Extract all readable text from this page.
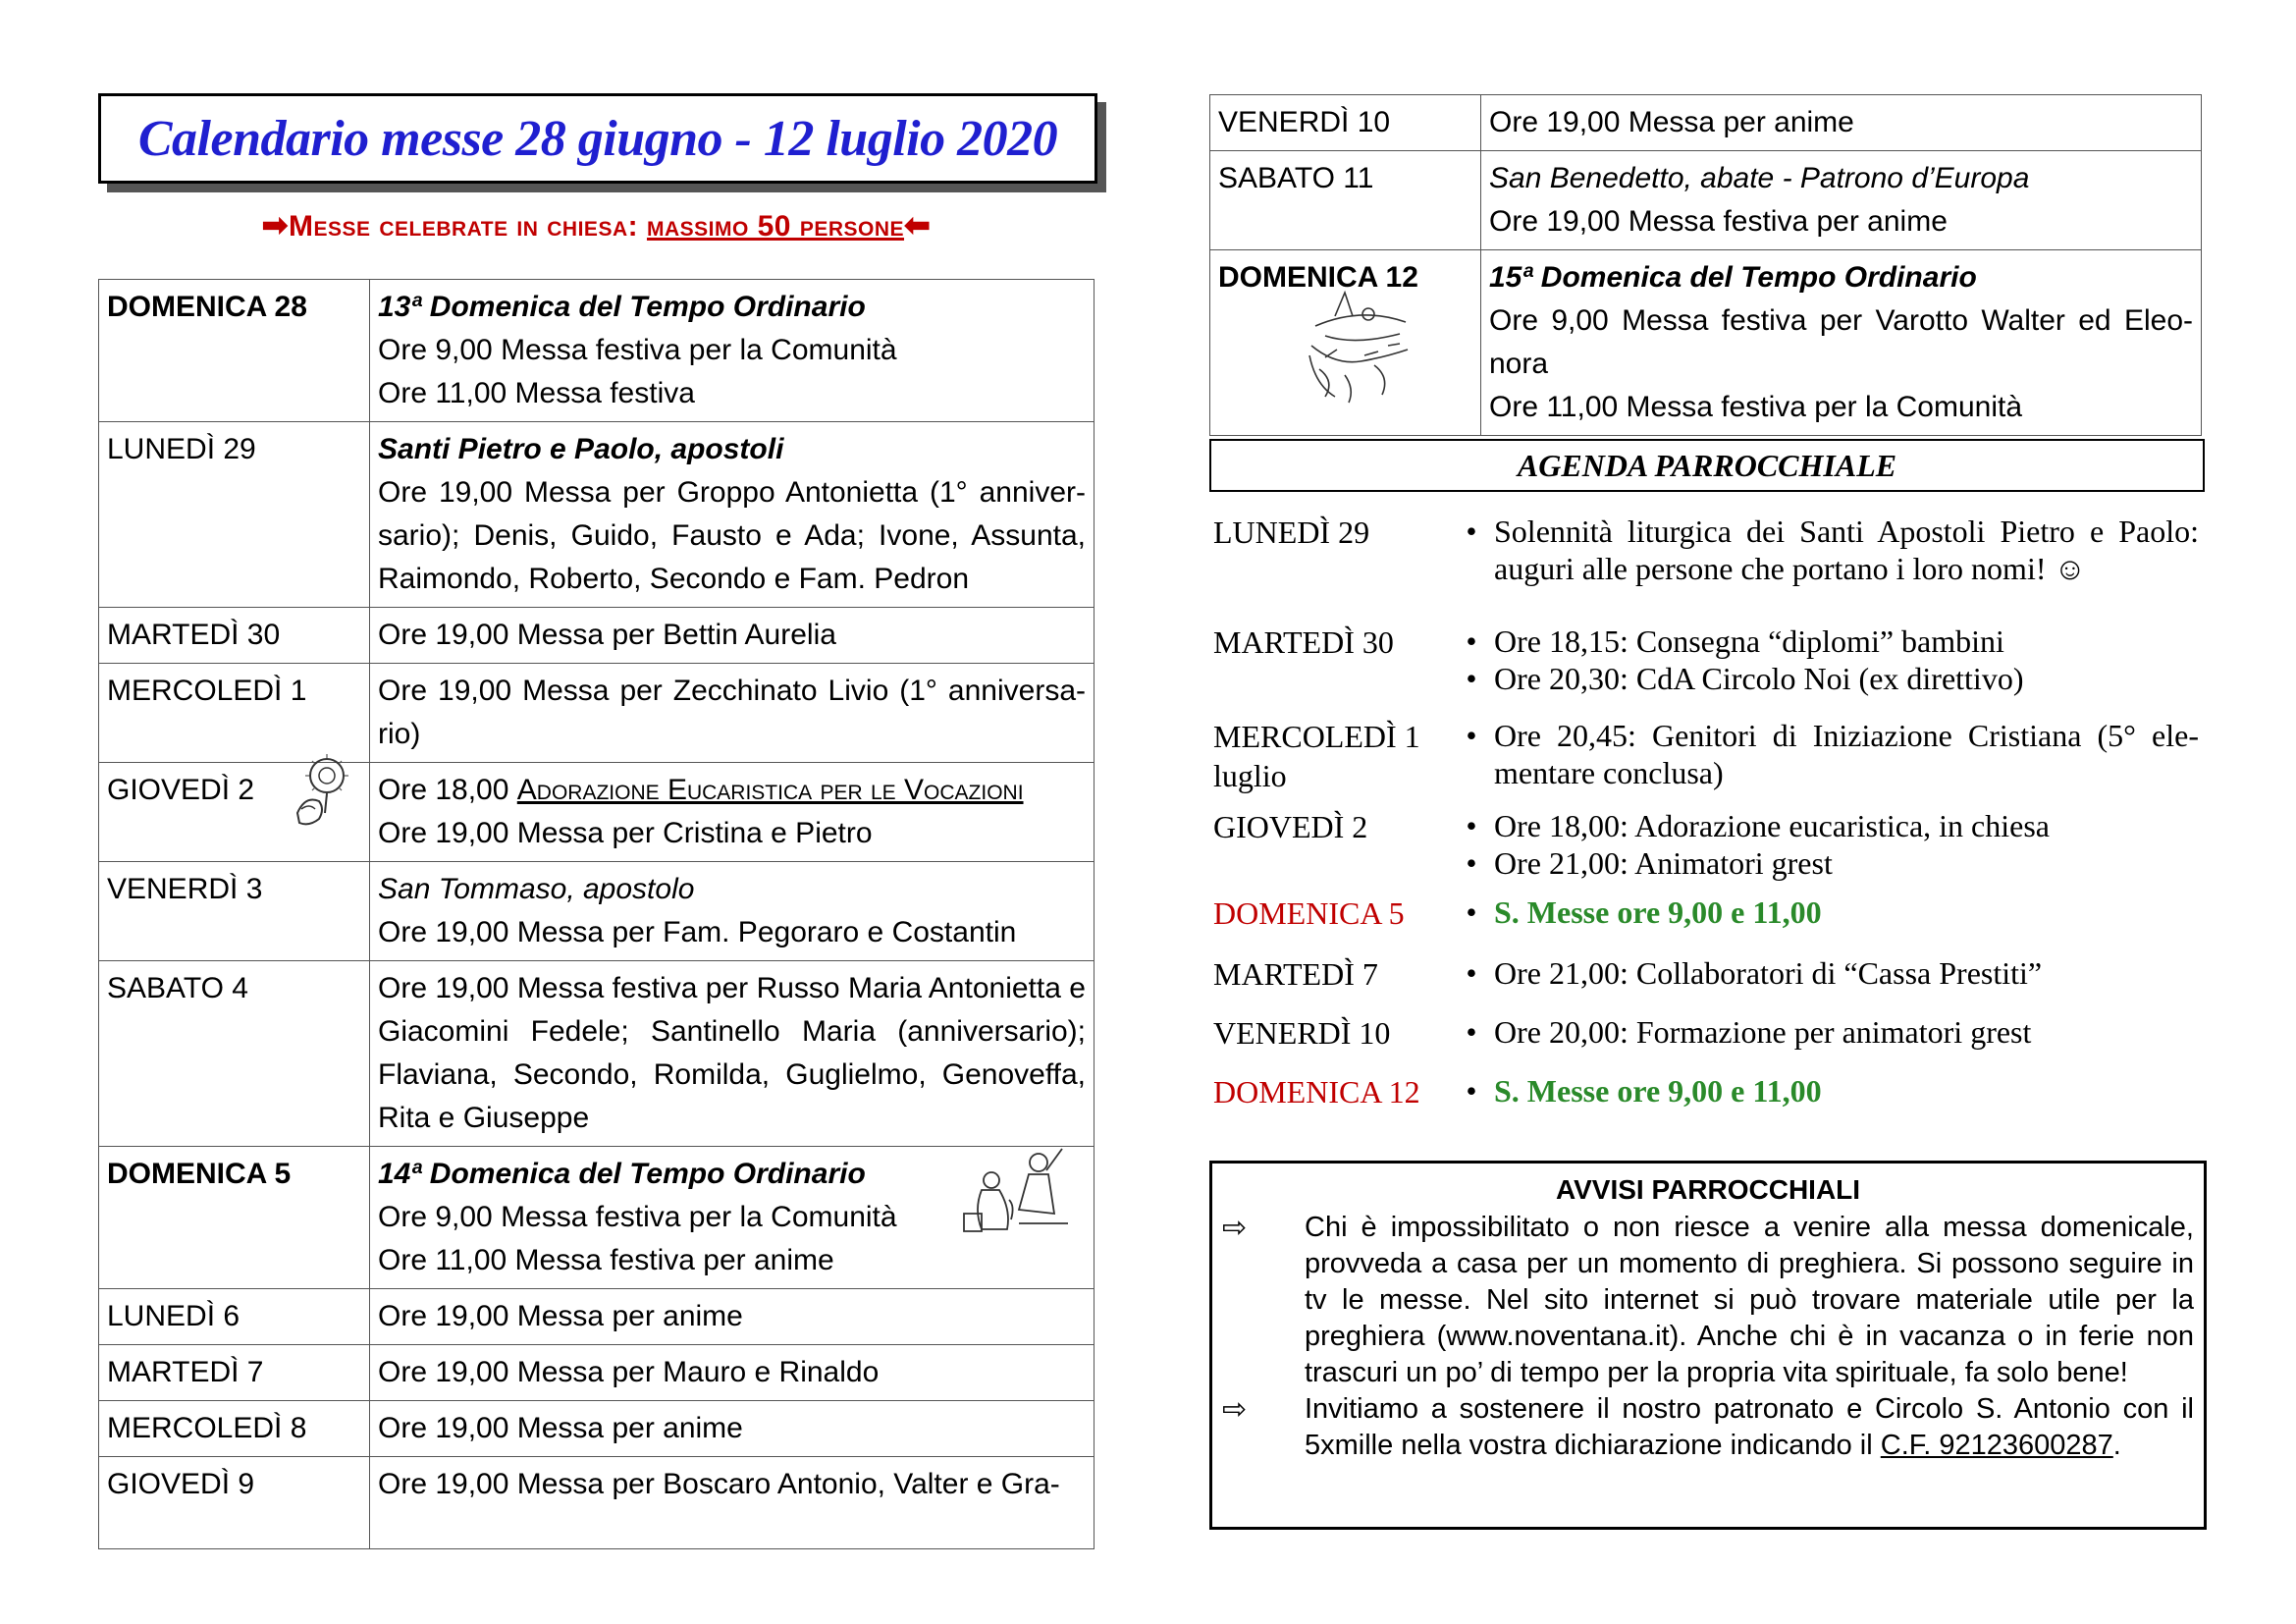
Calendario messe 28 giugno - 12 luglio 2020
➡Messe celebrate in chiesa: massimo 50 persone⬅
DOMENICA 28	13ª Domenica del Tempo Ordinario
Ore 9,00 Messa festiva per la Comunità
Ore 11,00 Messa festiva

LUNEDÌ 29	Santi Pietro e Paolo, apostoli
Ore 19,00 Messa per Groppo Antonietta (1° anniver-sario); Denis, Guido, Fausto e Ada; Ivone, Assunta, Raimondo, Roberto, Secondo e Fam. Pedron

MARTEDÌ 30	Ore 19,00 Messa per Bettin Aurelia

MERCOLEDÌ 1	Ore 19,00 Messa per Zecchinato Livio (1° anniversa-rio)

GIOVEDÌ 2	Ore 18,00 Adorazione Eucaristica per le Vocazioni
Ore 19,00 Messa per Cristina e Pietro

VENERDÌ 3	San Tommaso, apostolo
Ore 19,00 Messa per Fam. Pegoraro e Costantin

SABATO 4	Ore 19,00 Messa festiva per Russo Maria Antonietta e Giacomini Fedele; Santinello Maria (anniversario); Flaviana, Secondo, Romilda, Guglielmo, Genoveffa, Rita e Giuseppe

DOMENICA 5	14ª Domenica del Tempo Ordinario
Ore 9,00 Messa festiva per la Comunità
Ore 11,00 Messa festiva per anime

LUNEDÌ 6	Ore 19,00 Messa per anime

MARTEDÌ 7	Ore 19,00 Messa per Mauro e Rinaldo

MERCOLEDÌ 8	Ore 19,00 Messa per anime

GIOVEDÌ 9	Ore 19,00 Messa per Boscaro Antonio, Valter e Gra-
VENERDÌ 10	Ore 19,00 Messa per anime

SABATO 11	San Benedetto, abate - Patrono d’Europa
Ore 19,00 Messa festiva per anime

DOMENICA 12	15ª Domenica del Tempo Ordinario
Ore 9,00 Messa festiva per Varotto Walter ed Eleo-nora
Ore 11,00 Messa festiva per la Comunità
AGENDA PARROCCHIALE
LUNEDÌ 29	• Solennità liturgica dei Santi Apostoli Pietro e Paolo: auguri alle persone che portano i loro nomi! ☺
MARTEDÌ 30	• Ore 18,15: Consegna “diplomi” bambini
• Ore 20,30: CdA Circolo Noi (ex direttivo)
MERCOLEDÌ 1 luglio
• Ore 20,45: Genitori di Iniziazione Cristiana (5° ele-mentare conclusa)
GIOVEDÌ 2	• Ore 18,00: Adorazione eucaristica, in chiesa
• Ore 21,00: Animatori grest
DOMENICA 5	• S. Messe ore 9,00 e 11,00
MARTEDÌ 7	• Ore 21,00: Collaboratori di “Cassa Prestiti”
VENERDÌ 10	• Ore 20,00: Formazione per animatori grest
DOMENICA 12	• S. Messe ore 9,00 e 11,00
AVVISI PARROCCHIALI
⇨	Chi è impossibilitato o non riesce a venire alla messa domenicale, provveda a casa per un momento di preghiera. Si possono seguire in tv le messe. Nel sito internet si può trovare materiale utile per la preghiera (www.noventana.it). Anche chi è in vacanza o in ferie non trascuri un po’ di tempo per la propria vita spirituale, fa solo bene!
⇨	Invitiamo a sostenere il nostro patronato e Circolo S. Antonio con il 5xmille nella vostra dichiarazione indicando il C.F. 92123600287.
